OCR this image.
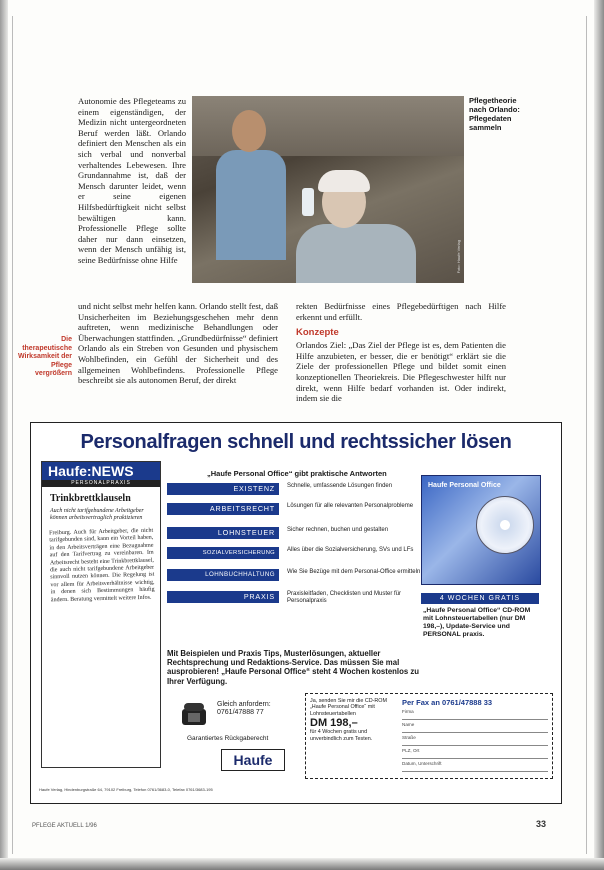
Autonomie des Pflegeteams zu einem eigenständigen, der Medizin nicht untergeordneten Beruf werden läßt. Orlando definiert den Menschen als ein sich verbal und nonverbal verhaltendes Lebewesen. Ihre Grundannahme ist, daß der Mensch darunter leidet, wenn er seine eigenen Hilfsbedürftigkeit nicht selbst bewältigen kann. Professionelle Pflege sollte daher nur dann einsetzen, wenn der Mensch unfähig ist, seine Bedürfnisse ohne Hilfe	Foto: Haufe Verlag
Pflegetheorie nach Orlando: Pflegedaten sammeln
Die therapeutische Wirksamkeit der Pflege vergrößern
und nicht selbst mehr helfen kann. Orlando stellt fest, daß Unsicherheiten im Beziehungsgeschehen mehr denn auftreten, wenn medizinische Behandlungen oder Überwachungen stattfinden. „Grundbedürfnisse“ definiert Orlando als ein Streben von Gesunden und physischem Wohlbefinden, ein Gefühl der Sicherheit und des allgemeinen Wohlbefindens. Professionelle Pflege beschreibt sie als autonomen Beruf, der direkt
rekten Bedürfnisse eines Pflegebedürftigen nach Hilfe erkennt und erfüllt.
Konzepte
Orlandos Ziel: „Das Ziel der Pflege ist es, dem Patienten die Hilfe anzubieten, er besser, die er benötigt“ erklärt sie die Ziele der professionellen Pflege und bildet somit einen konzeptionellen Theoriekreis. Die Pflegeschwester hilft nur direkt, wenn Hilfe bedarf vorhanden ist. Oder indirekt, indem sie die
Personalfragen schnell und rechtssicher lösen
Haufe:NEWS
PERSONALPRAXIS
Trinkbrettklauseln
Auch nicht tarifgebundene Arbeitgeber können arbeitsvertraglich praktizieren
Freiburg. Auch für Arbeitgeber, die nicht tarifgebunden sind, kann ein Vorteil haben, in den Arbeitsverträgen eine Bezugnahme auf den Tarifvertrag zu vereinbaren. Im Arbeitsrecht besteht eine Trinkbrettklausel, die auch nicht tarifgebundene Arbeitgeber sinnvoll nutzen können. Die Regelung ist vor allem für Arbeitsverhältnisse wichtig, in denen sich Bestimmungen häufig ändern. Beratung vermittelt weitere Infos.
„Haufe Personal Office“ gibt praktische Antworten
EXISTENZ	Schnelle, umfassende Lösungen finden
ARBEITSRECHT	Lösungen für alle relevanten Personalprobleme
LOHNSTEUER	Sicher rechnen, buchen und gestalten
SOZIALVERSICHERUNG	Alles über die Sozialversicherung, SVs und LFs
LOHNBUCHHALTUNG	Wie Sie Bezüge mit dem Personal-Office ermitteln
PRAXIS	Praxisleitfaden, Checklisten und Muster für Personalpraxis
Haufe Personal Office
4 WOCHEN GRATIS
„Haufe Personal Office“ CD-ROM mit Lohnsteuertabellen (nur DM 198,–), Update-Service und PERSONAL praxis.
Mit Beispielen und Praxis Tips, Musterlösungen, aktueller Rechtsprechung und Redaktions-Service. Das müssen Sie mal ausprobieren! „Haufe Personal Office“ steht 4 Wochen kostenlos zu Ihrer Verfügung.
Gleich anfordern:
0761/47888 77
Garantiertes Rückgaberecht
Haufe
Ja, senden Sie mir die CD-ROM „Haufe Personal Office“ mit Lohnsteuertabellen
DM 198,–
für 4 Wochen gratis und unverbindlich zum Testen.
Per Fax an 0761/47888 33
Firma
Name
Straße
PLZ, Ort
Datum, Unterschrift
Haufe Verlag, Hindenburgstraße 64, 79102 Freiburg, Telefon 0761/3683-0, Telefax 0761/3683-195
PFLEGE AKTUELL 1/96	33
